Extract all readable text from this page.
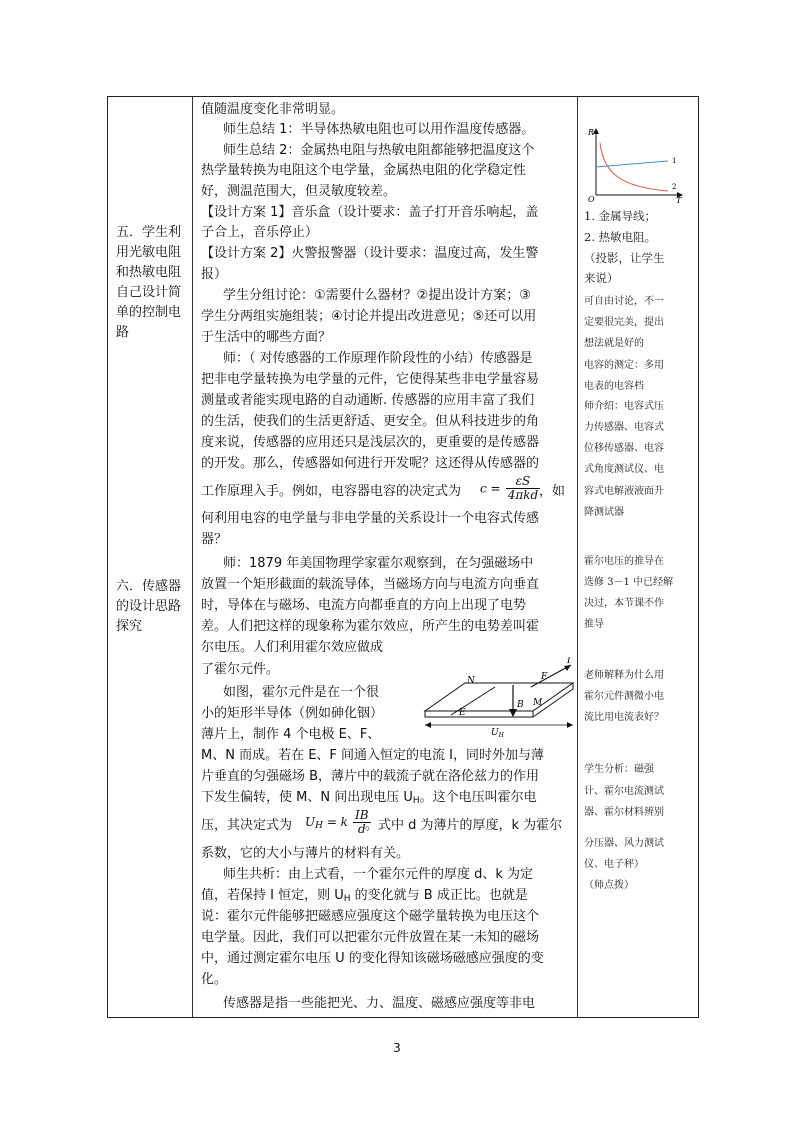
五．学生利用光敏电阻和热敏电阻自己设计简单的控制电路
六．传感器的设计思路探究
值随温度变化非常明显。
师生总结 1：半导体热敏电阻也可以用作温度传感器。
师生总结 2：金属热电阻与热敏电阻都能够把温度这个
热学量转换为电阻这个电学量，金属热电阻的化学稳定性
好，测温范围大，但灵敏度较差。
【设计方案 1】音乐盒（设计要求：盖子打开音乐响起，盖
子合上，音乐停止）
【设计方案 2】火警报警器（设计要求：温度过高，发生警
报）
学生分组讨论：①需要什么器材？②提出设计方案；③
学生分两组实施组装；④讨论并提出改进意见；⑤还可以用
于生活中的哪些方面？
师：（ 对传感器的工作原理作阶段性的小结）传感器是
把非电学量转换为电学量的元件，它使得某些非电学量容易
测量或者能实现电路的自动通断. 传感器的应用丰富了我们
的生活，使我们的生活更舒适、更安全。但从科技进步的角
度来说，传感器的应用还只是浅层次的，更重要的是传感器
的开发。那么，传感器如何进行开发呢？这还得从传感器的
工作原理入手。例如，电容器电容的决定式为 $c = \frac{\varepsilon S}{\text{4πkd}}$
，如
何利用电容的电学量与非电学量的关系设计一个电容式传感
器？
师：1879 年美国物理学家霍尔观察到，在匀强磁场中
放置一个矩形截面的载流导体，当磁场方向与电流方向垂直
时，导体在与磁场、电流方向都垂直的方向上出现了电势
差。人们把这样的现象称为霍尔效应，所产生的电势差叫霍
尔电压。人们利用霍尔效应做成
了霍尔元件。
如图，霍尔元件是在一个很
小的矩形半导体（例如砷化铟）
薄片上，制作 4 个电极 E、F、
N	F
I
M
E
B
$U_H$
M、N 而成。若在 E、F 间通入恒定的电流 I，同时外加与薄
片垂直的匀强磁场 B，薄片中的载流子就在洛伦兹力的作用
下发生偏转，使 M、N 间出现电压 $U_H$。这个电压叫霍尔电
压，其决定式为 $U_H = k \frac{IB}{d}$
。式中 d 为薄片的厚度，k 为霍尔
系数，它的大小与薄片的材料有关。
师生共析：由上式看，一个霍尔元件的厚度 d、k 为定
值，若保持 I 恒定，则 $U_H$ 的变化就与 B 成正比。也就是
说：霍尔元件能够把磁感应强度这个磁学量转换为电压这个
电学量。因此，我们可以把霍尔元件放置在某一未知的磁场
中，通过测定霍尔电压 U 的变化得知该磁场磁感应强度的变
化。
传感器是指一些能把光、力、温度、磁感应强度等非电
R
T
O
1
2
1. 金属导线；
2. 热敏电阻。
（投影，让学生
来说）
可自由讨论，不一
定要很完美，提出
想法就是好的
电容的测定：多用
电表的电容档
师介绍：电容式压
力传感器、电容式
位移传感器、电容
式角度测试仪、电
容式电解液液面升
降测试器
霍尔电压的推导在
选修 3－1 中已经解
决过，本节课不作
推导
老师解释为什么用
霍尔元件测微小电
流比用电流表好？
学生分析：磁强
计、霍尔电流测试
器、霍尔材料辨别
分压器、风力测试
仪、电子秤）
（师点拨）
3
